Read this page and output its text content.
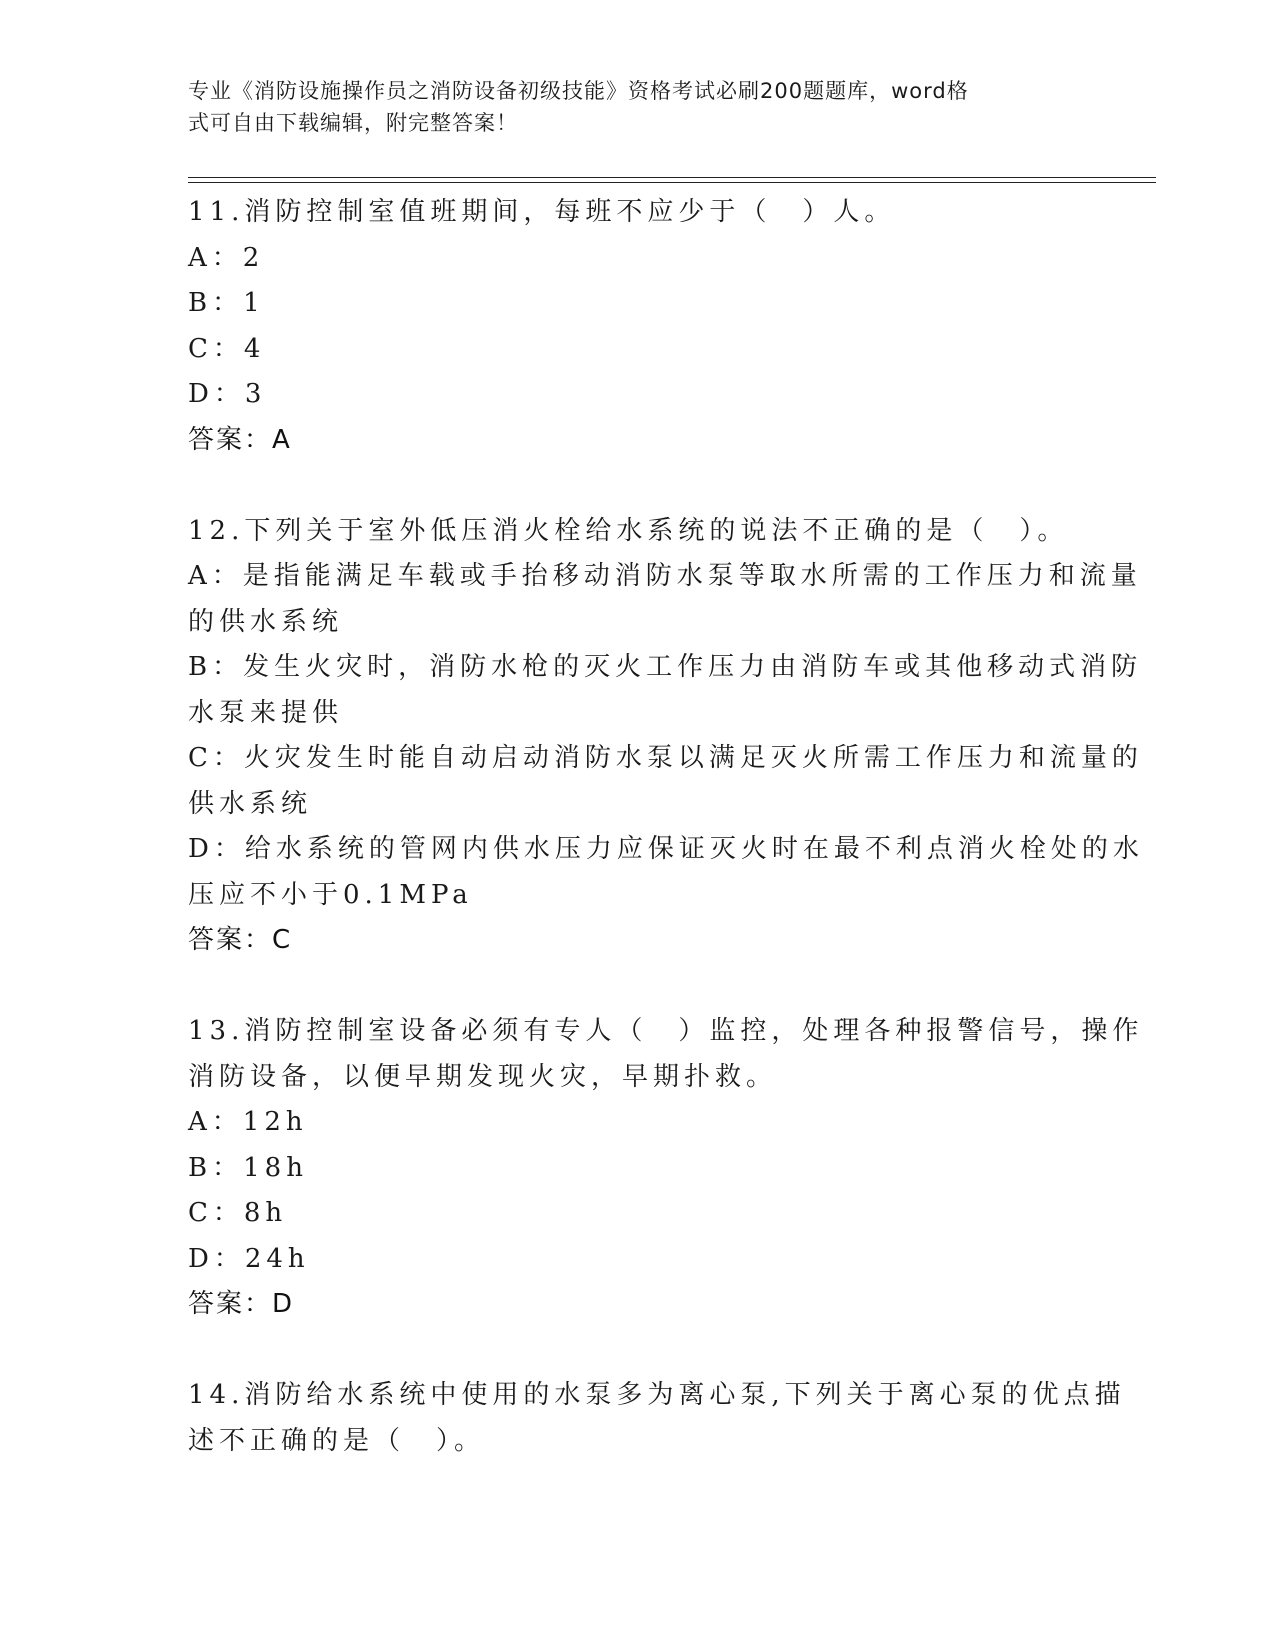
专业《消防设施操作员之消防设备初级技能》资格考试必刷200题题库，word格
式可自由下载编辑，附完整答案！
11.消防控制室值班期间，每班不应少于（　）人。
A：2
B：1
C：4
D：3
答案：A
12.下列关于室外低压消火栓给水系统的说法不正确的是（　）。
A：是指能满足车载或手抬移动消防水泵等取水所需的工作压力和流量
的供水系统
B：发生火灾时，消防水枪的灭火工作压力由消防车或其他移动式消防
水泵来提供
C：火灾发生时能自动启动消防水泵以满足灭火所需工作压力和流量的
供水系统
D：给水系统的管网内供水压力应保证灭火时在最不利点消火栓处的水
压应不小于0.1MPa
答案：C
13.消防控制室设备必须有专人（　）监控，处理各种报警信号，操作
消防设备，以便早期发现火灾，早期扑救。
A：12h
B：18h
C：8h
D：24h
答案：D
14.消防给水系统中使用的水泵多为离心泵,下列关于离心泵的优点描
述不正确的是（　）。
